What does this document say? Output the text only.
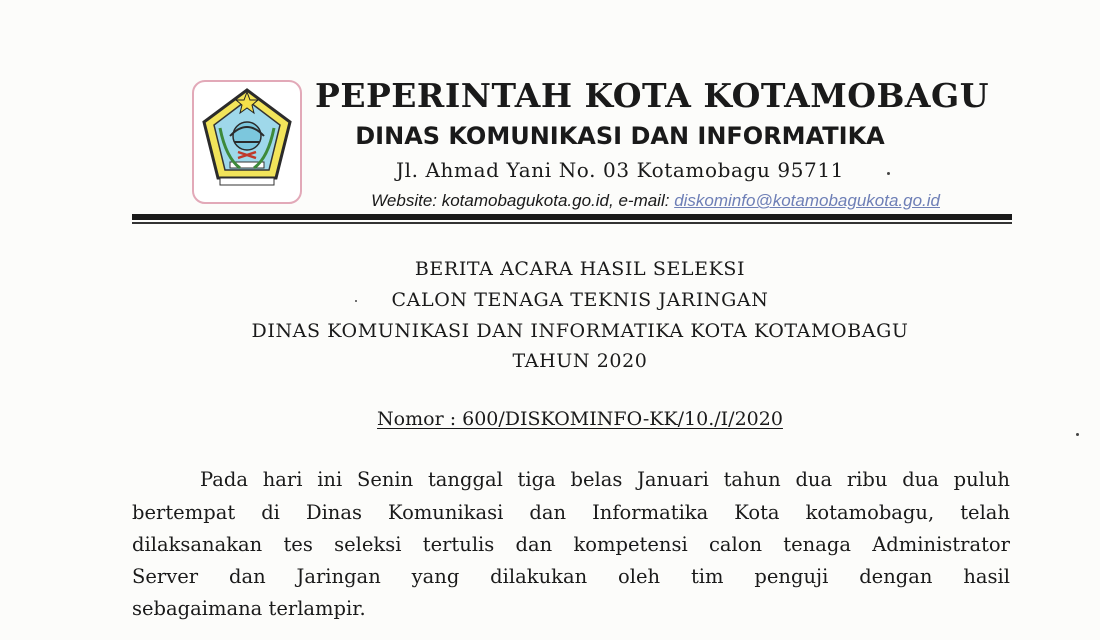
PEPERINTAH KOTA KOTAMOBAGU
DINAS KOMUNIKASI DAN INFORMATIKA
Jl. Ahmad Yani No. 03 Kotamobagu 95711
Website: kotamobagukota.go.id, e-mail: diskominfo@kotamobagukota.go.id
BERITA ACARA HASIL SELEKSI
CALON TENAGA TEKNIS JARINGAN
DINAS KOMUNIKASI DAN INFORMATIKA KOTA KOTAMOBAGU
TAHUN 2020
Nomor : 600/DISKOMINFO-KK/​10./I/2020
Pada hari ini Senin tanggal tiga belas Januari tahun dua ribu dua puluh
bertempat di Dinas Komunikasi dan Informatika Kota kotamobagu, telah
dilaksanakan tes seleksi tertulis dan kompetensi calon tenaga Administrator
Server dan Jaringan yang dilakukan oleh tim penguji dengan hasil
sebagaimana terlampir.
